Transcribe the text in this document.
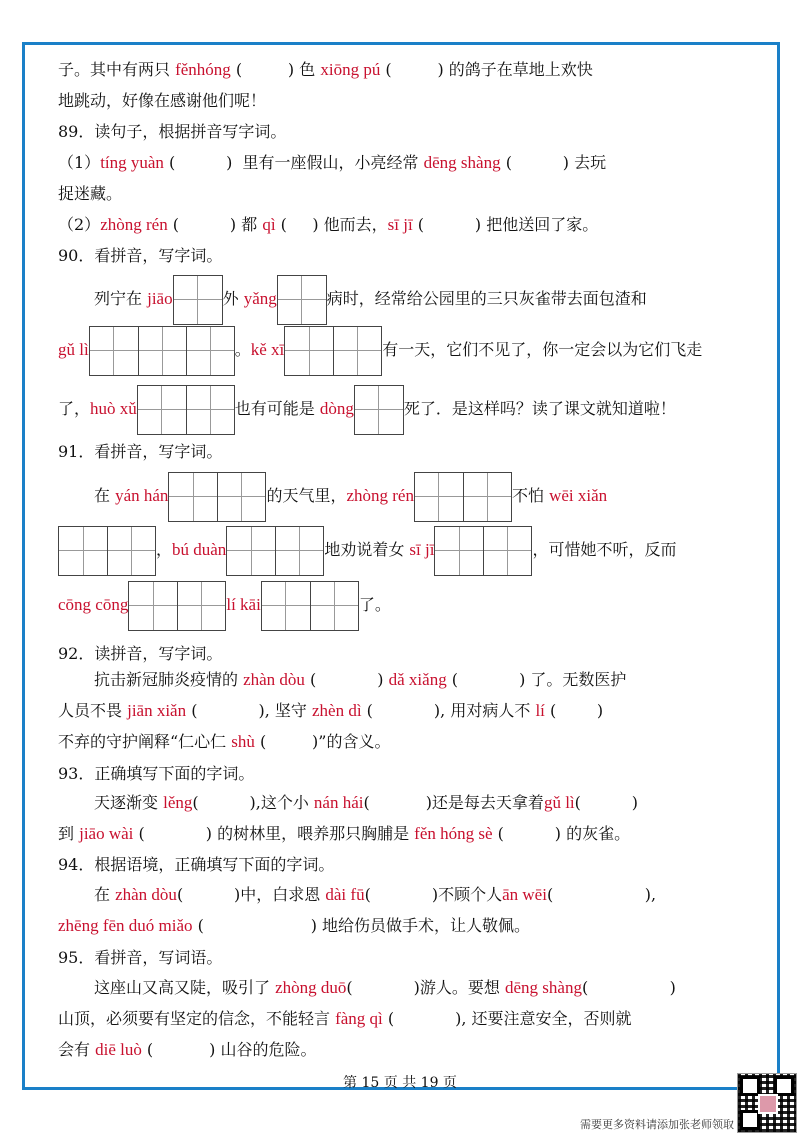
子。其中有两只 fěnhóng (	) 色 xiōng pú (	) 的鸽子在草地上欢快
地跳动，好像在感谢他们呢！
89．读句子，根据拼音写字词。
（1）tíng yuàn (	)  里有一座假山，小亮经常 dēng shàng (	) 去玩
捉迷藏。
（2）zhòng rén (	) 都 qì ( ) 他而去，sī jī (	) 把他送回了家。
90．看拼音，写字词。
列宁在 jiāo	外 yǎng	病时，经常给公园里的三只灰雀带去面包渣和
gǔ lì	。kě xī	有一天，它们不见了，你一定会以为它们飞走
了，huò xǔ	也有可能是 dòng	死了．是这样吗？读了课文就知道啦！
91．看拼音，写字词。
在 yán hán	的天气里，zhòng rén	不怕 wēi xiǎn
，bú duàn	地劝说着女 sī jī	，可惜她不听，反而
cōng cōng	lí kāi	了。
92．读拼音，写字词。
抗击新冠肺炎疫情的 zhàn dòu (	) dǎ xiǎng (	) 了。无数医护
人员不畏 jiān xiǎn (	), 坚守 zhèn dì (	), 用对病人不 lí (	)
不弃的守护阐释“仁心仁 shù (	)”的含义。
93．正确填写下面的字词。
天逐渐变 lěng(	),这个小 nán hái(	)还是每去天拿着gǔ lì(	)
到 jiāo wài (	) 的树林里，喂养那只胸脯是 fěn hóng sè (	) 的灰雀。
94．根据语境，正确填写下面的字词。
在 zhàn dòu(	)中，白求恩 dài fū(	)不顾个人ān wēi(	),
zhēng fēn duó miǎo (	) 地给伤员做手术，让人敬佩。
95．看拼音，写词语。
这座山又高又陡，吸引了 zhòng duō(	)游人。要想 dēng shàng(	)
山顶，必须要有坚定的信念，不能轻言 fàng qì (	), 还要注意安全，否则就
会有 diē luò (	) 山谷的危险。
第 15 页 共 19 页
需要更多资料请添加张老师领取
